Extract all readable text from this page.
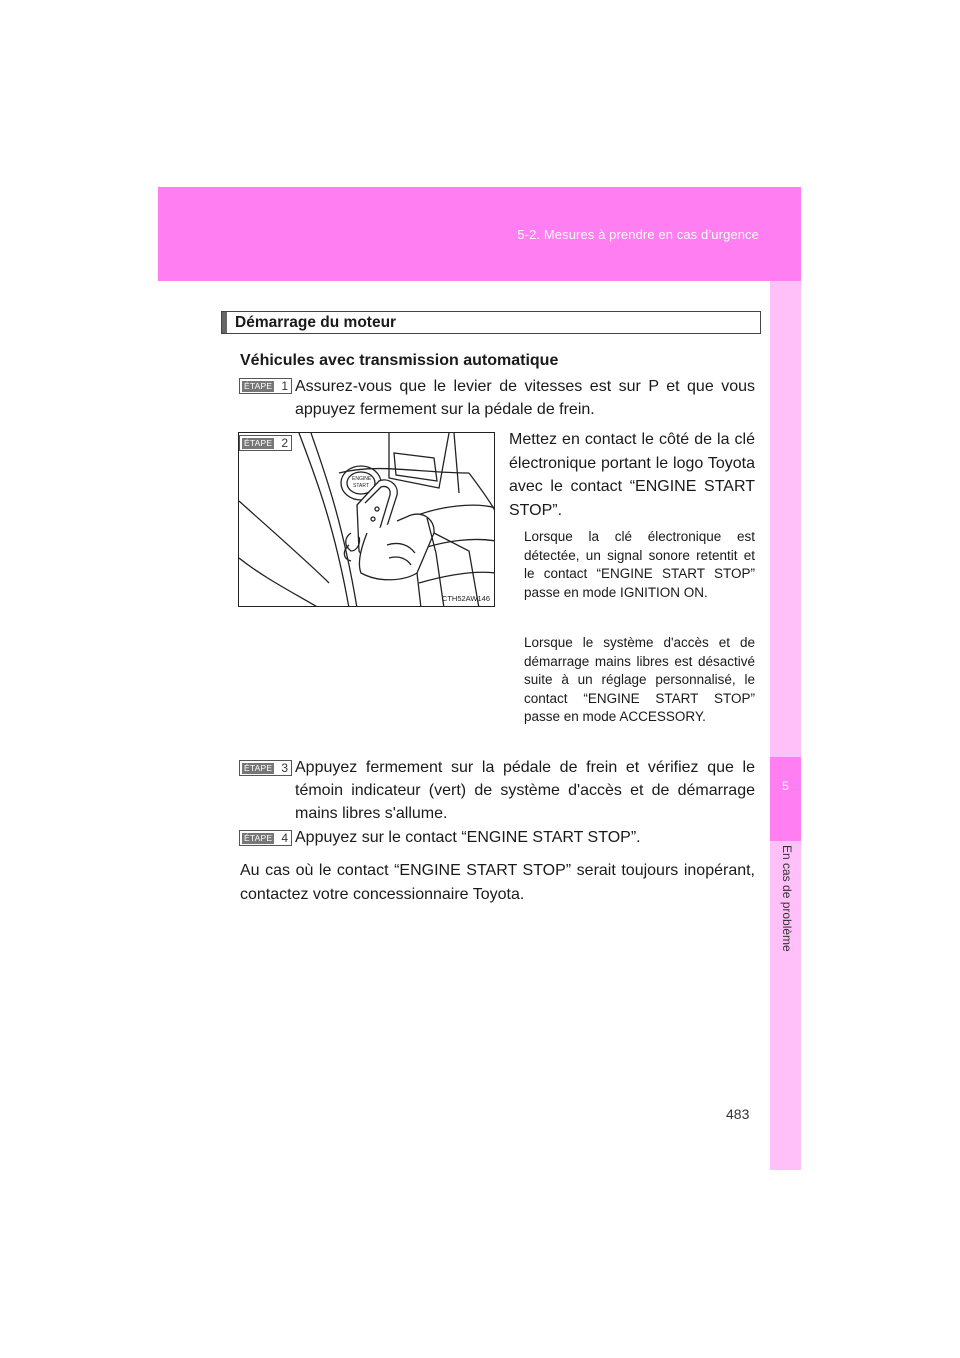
5-2. Mesures à prendre en cas d’urgence
5
En cas de problème
Démarrage du moteur
Véhicules avec transmission automatique
ÉTAPE 1 Assurez-vous que le levier de vitesses est sur P et que vous appuyez fermement sur la pédale de frein.
ENGINE
START
CTH52AW146
ÉTAPE 2	Mettez en contact le côté de la clé électronique portant le logo Toyota avec le contact “ENGINE START STOP”.
Lorsque la clé électronique est détectée, un signal sonore retentit et le contact “ENGINE START STOP” passe en mode IGNITION ON.
Lorsque le système d'accès et de démarrage mains libres est désactivé suite à un réglage personnalisé, le contact “ENGINE START STOP” passe en mode ACCESSORY.
ÉTAPE 3 Appuyez fermement sur la pédale de frein et vérifiez que le témoin indicateur (vert) de système d'accès et de démarrage mains libres s'allume.
ÉTAPE 4 Appuyez sur le contact “ENGINE START STOP”.
Au cas où le contact “ENGINE START STOP” serait toujours inopérant, contactez votre concessionnaire Toyota.
483
